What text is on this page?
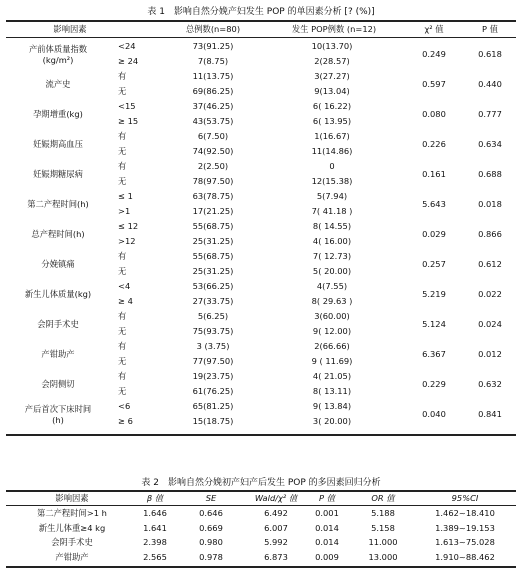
表 1　影响自然分娩产妇发生 POP 的单因素分析 [? (%)]
影响因素	总例数(n=80)	发生 POP例数 (n=12)	χ² 值	P 值
产前体质量指数
(kg/m²)
<24	73(91.25)	10(13.70)
≥ 24	7(8.75)	2(28.57)
0.249	0.618
流产史
有	11(13.75)	3(27.27)
无	69(86.25)	9(13.04)
0.597	0.440
孕期增重(kg)
<15	37(46.25)	6( 16.22)
≥ 15	43(53.75)	6( 13.95)
0.080	0.777
妊娠期高血压
有	6(7.50)	1(16.67)
无	74(92.50)	11(14.86)
0.226	0.634
妊娠期糖尿病
有	2(2.50)	0
无	78(97.50)	12(15.38)
0.161	0.688
第二产程时间(h)
≤ 1	63(78.75)	5(7.94)
>1	17(21.25)	7( 41.18 )
5.643	0.018
总产程时间(h)
≤ 12	55(68.75)	8( 14.55)
>12	25(31.25)	4( 16.00)
0.029	0.866
分娩镇痛
有	55(68.75)	7( 12.73)
无	25(31.25)	5( 20.00)
0.257	0.612
新生儿体质量(kg)
<4	53(66.25)	4(7.55)
≥ 4	27(33.75)	8( 29.63 )
5.219	0.022
会阴手术史
有	5(6.25)	3(60.00)
无	75(93.75)	9( 12.00)
5.124	0.024
产钳助产
有	3 (3.75)	2(66.66)
无	77(97.50)	9 ( 11.69)
6.367	0.012
会阴侧切
有	19(23.75)	4( 21.05)
无	61(76.25)	8( 13.11)
0.229	0.632
产后首次下床时间
(h)
<6	65(81.25)	9( 13.84)
≥ 6	15(18.75)	3( 20.00)
0.040	0.841
表 2　影响自然分娩初产妇产后发生 POP 的多因素回归分析
影响因素	β 值	SE	Wald/χ² 值	P 值	OR 值	95%CI
第二产程时间>1 h	1.646	0.646	6.492	0.001	5.188	1.462~18.410
新生儿体重≥4 kg	1.641	0.669	6.007	0.014	5.158	1.389~19.153
会阴手术史	2.398	0.980	5.992	0.014	11.000	1.613~75.028
产钳助产	2.565	0.978	6.873	0.009	13.000	1.910~88.462
